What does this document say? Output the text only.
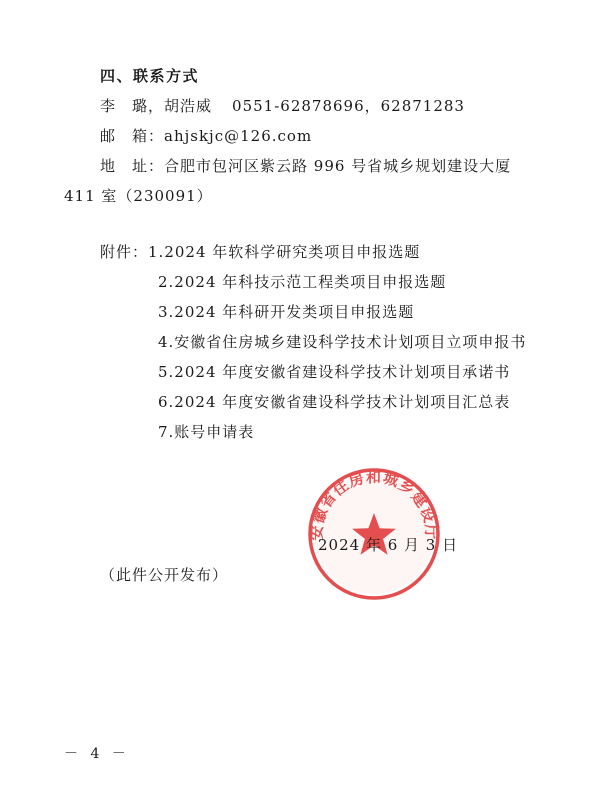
四、联系方式
李　璐，胡浩威 0551-62878696，62871283
邮　箱：ahjskjc@126.com
地　址：合肥市包河区紫云路 996 号省城乡规划建设大厦
411 室（230091）
附件：1.2024 年软科学研究类项目申报选题
2.2024 年科技示范工程类项目申报选题
3.2024 年科研开发类项目申报选题
4.安徽省住房城乡建设科学技术计划项目立项申报书
5.2024 年度安徽省建设科学技术计划项目承诺书
6.2024 年度安徽省建设科学技术计划项目汇总表
7.账号申请表
安徽省住房和城乡建设厅
2024 年 6 月 3 日
（此件公开发布）
－ 4 －
